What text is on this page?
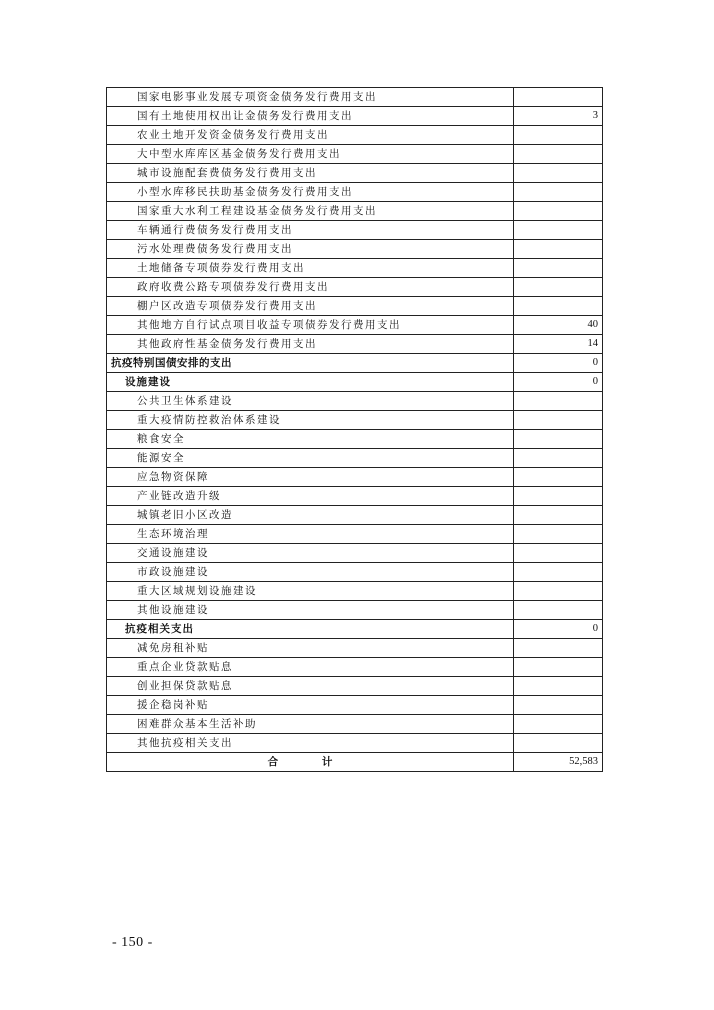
国家电影事业发展专项资金债务发行费用支出	
国有土地使用权出让金债务发行费用支出	3
农业土地开发资金债务发行费用支出	
大中型水库库区基金债务发行费用支出	
城市设施配套费债务发行费用支出	
小型水库移民扶助基金债务发行费用支出	
国家重大水利工程建设基金债务发行费用支出	
车辆通行费债务发行费用支出	
污水处理费债务发行费用支出	
土地储备专项债券发行费用支出	
政府收费公路专项债券发行费用支出	
棚户区改造专项债券发行费用支出	
其他地方自行试点项目收益专项债券发行费用支出	40
其他政府性基金债务发行费用支出	14
抗疫特别国债安排的支出	0
设施建设	0
公共卫生体系建设	
重大疫情防控救治体系建设	
粮食安全	
能源安全	
应急物资保障	
产业链改造升级	
城镇老旧小区改造	
生态环境治理	
交通设施建设	
市政设施建设	
重大区域规划设施建设	
其他设施建设	
抗疫相关支出	0
减免房租补贴	
重点企业贷款贴息	
创业担保贷款贴息	
援企稳岗补贴	
困难群众基本生活补助	
其他抗疫相关支出	
合 计	52,583
- 150 -
